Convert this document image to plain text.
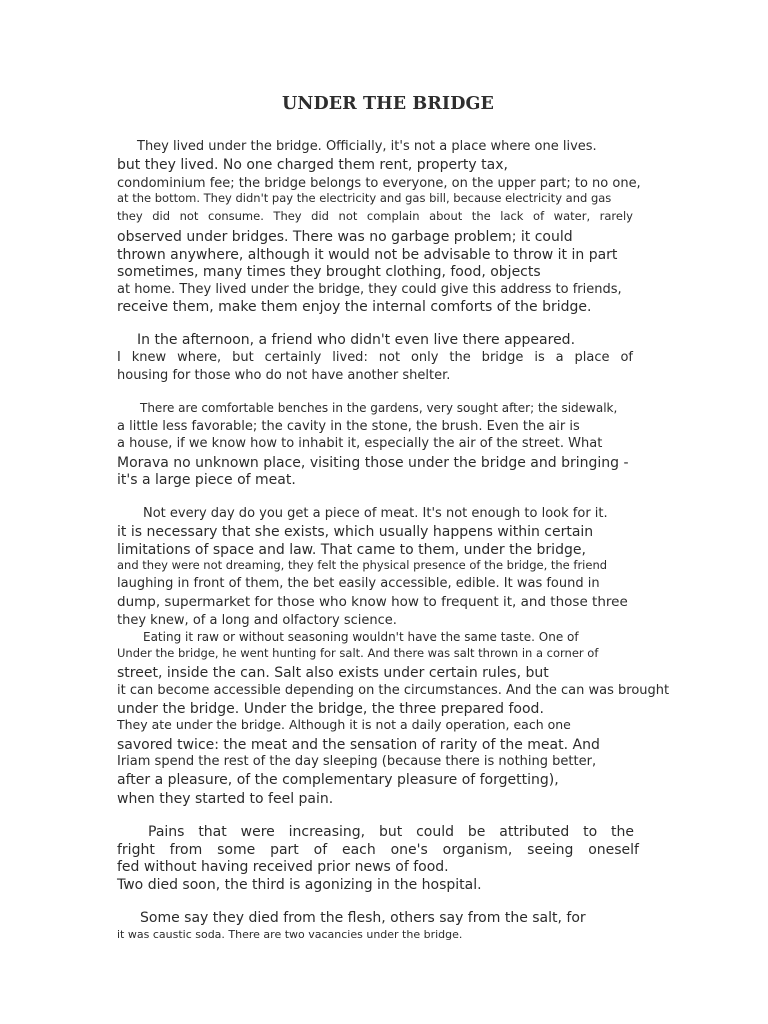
UNDER THE BRIDGE

They lived under the bridge. Officially, it's not a place where one lives.

but they lived. No one charged them rent, property tax,

condominium fee; the bridge belongs to everyone, on the upper part; to no one,

at the bottom. They didn't pay the electricity and gas bill, because electricity and gas

they did not consume. They did not complain about the lack of water, rarely

observed under bridges. There was no garbage problem; it could

thrown anywhere, although it would not be advisable to throw it in part

sometimes, many times they brought clothing, food, objects

at home. They lived under the bridge, they could give this address to friends,

receive them, make them enjoy the internal comforts of the bridge.

In the afternoon, a friend who didn't even live there appeared.

I knew where, but certainly lived: not only the bridge is a place of

housing for those who do not have another shelter.

There are comfortable benches in the gardens, very sought after; the sidewalk,

a little less favorable; the cavity in the stone, the brush. Even the air is

a house, if we know how to inhabit it, especially the air of the street. What

Morava no unknown place, visiting those under the bridge and bringing -

it's a large piece of meat.

Not every day do you get a piece of meat. It's not enough to look for it.

it is necessary that she exists, which usually happens within certain

limitations of space and law. That came to them, under the bridge,

and they were not dreaming, they felt the physical presence of the bridge, the friend

laughing in front of them, the bet easily accessible, edible. It was found in

dump, supermarket for those who know how to frequent it, and those three

they knew, of a long and olfactory science.

Eating it raw or without seasoning wouldn't have the same taste. One of

Under the bridge, he went hunting for salt. And there was salt thrown in a corner of

street, inside the can. Salt also exists under certain rules, but

it can become accessible depending on the circumstances. And the can was brought

under the bridge. Under the bridge, the three prepared food.

They ate under the bridge. Although it is not a daily operation, each one

savored twice: the meat and the sensation of rarity of the meat. And

Iriam spend the rest of the day sleeping (because there is nothing better,

after a pleasure, of the complementary pleasure of forgetting),

when they started to feel pain.

Pains that were increasing, but could be attributed to the

fright from some part of each one's organism, seeing oneself

fed without having received prior news of food.

Two died soon, the third is agonizing in the hospital.

Some say they died from the flesh, others say from the salt, for

it was caustic soda. There are two vacancies under the bridge.
